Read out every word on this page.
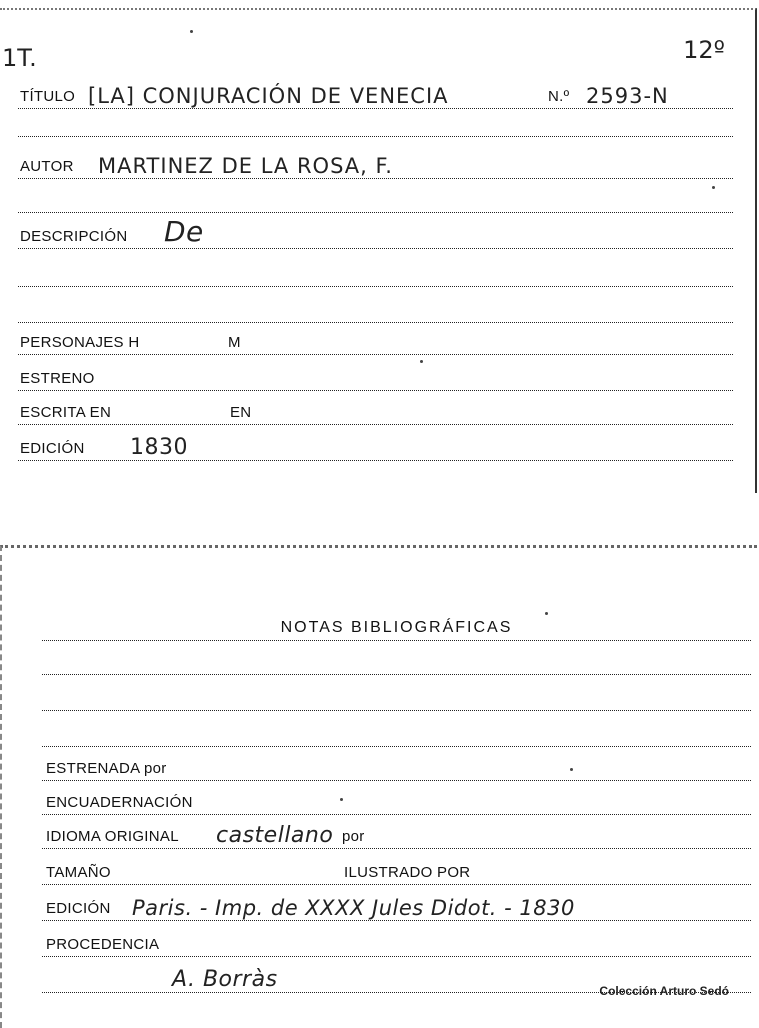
1T.	12º
TÍTULO [LA] CONJURACIÓN DE VENECIA	N.º 2593-N
AUTOR MARTINEZ DE LA ROSA, F.
DESCRIPCIÓN De
PERSONAJES H	M
ESTRENO
ESCRITA EN	EN
EDICIÓN 1830
NOTAS BIBLIOGRÁFICAS
ESTRENADA por
ENCUADERNACIÓN
IDIOMA ORIGINAL castellano por
TAMAÑO	ILUSTRADO POR
EDICIÓN Paris. - Imp. de XXXX Jules Didot. - 1830
PROCEDENCIA
A. Borràs	Colección Arturo Sedó
